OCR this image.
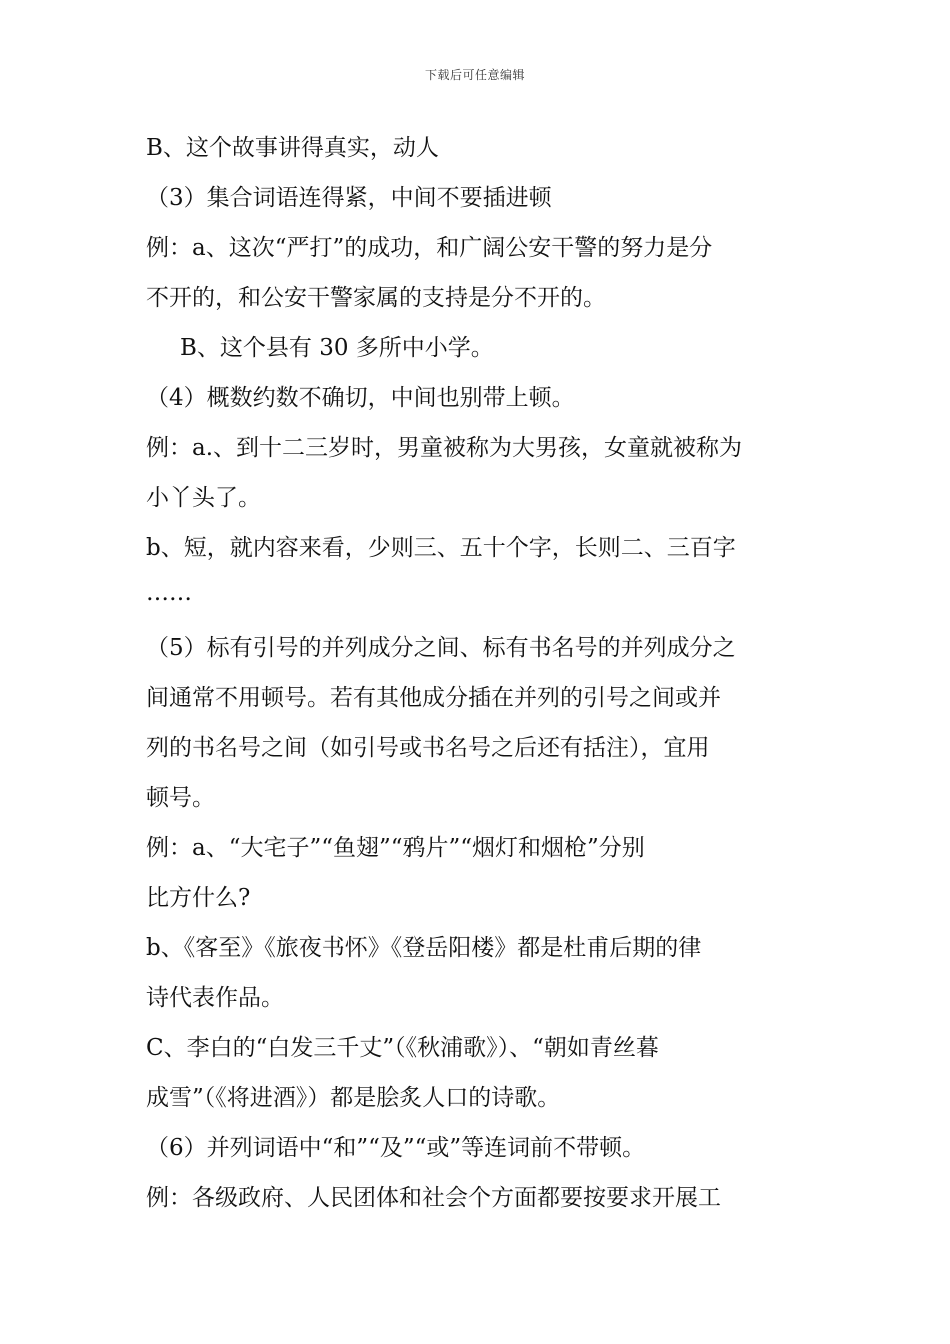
下载后可任意编辑
B、这个故事讲得真实，动人
（3）集合词语连得紧，中间不要插进顿
例：a、这次“严打”的成功，和广阔公安干警的努力是分
不开的，和公安干警家属的支持是分不开的。
B、这个县有 30 多所中小学。
（4）概数约数不确切，中间也别带上顿。
例：a.、到十二三岁时，男童被称为大男孩，女童就被称为
小丫头了。
b、短，就内容来看，少则三、五十个字，长则二、三百字
……
（5）标有引号的并列成分之间、标有书名号的并列成分之
间通常不用顿号。若有其他成分插在并列的引号之间或并
列的书名号之间（如引号或书名号之后还有括注），宜用
顿号。
例：a、“大宅子”“鱼翅”“鸦片”“烟灯和烟枪”分别
比方什么?
b、《客至》《旅夜书怀》《登岳阳楼》都是杜甫后期的律
诗代表作品。
C、李白的“白发三千丈”（《秋浦歌》）、“朝如青丝暮
成雪”（《将进酒》）都是脍炙人口的诗歌。
（6）并列词语中“和”“及”“或”等连词前不带顿。
例：各级政府、人民团体和社会个方面都要按要求开展工
